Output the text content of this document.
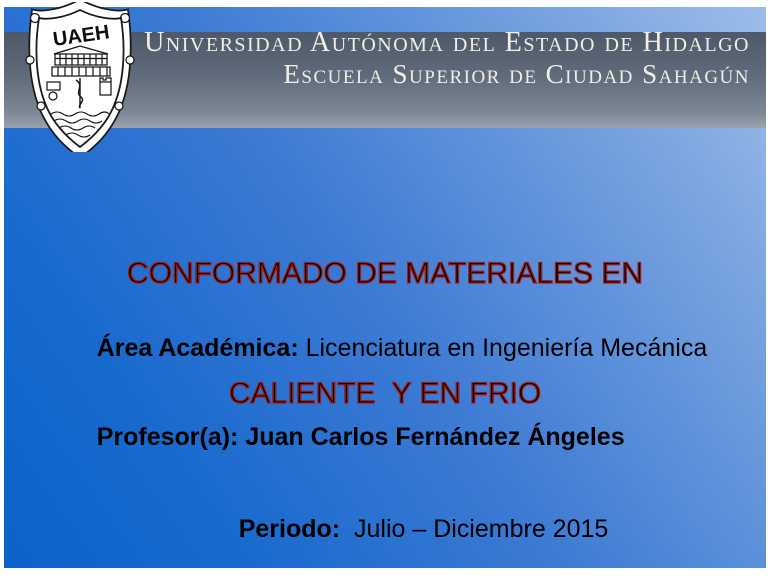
Universidad Autónoma del Estado de Hidalgo
Escuela Superior de Ciudad Sahagún
UAEH

CONFORMADO DE MATERIALES EN

CALIENTE  Y EN FRIO

Área Académica: Licenciatura en Ingeniería Mecánica

Profesor(a): Juan Carlos Fernández Ángeles

Periodo:  Julio – Diciembre 2015
